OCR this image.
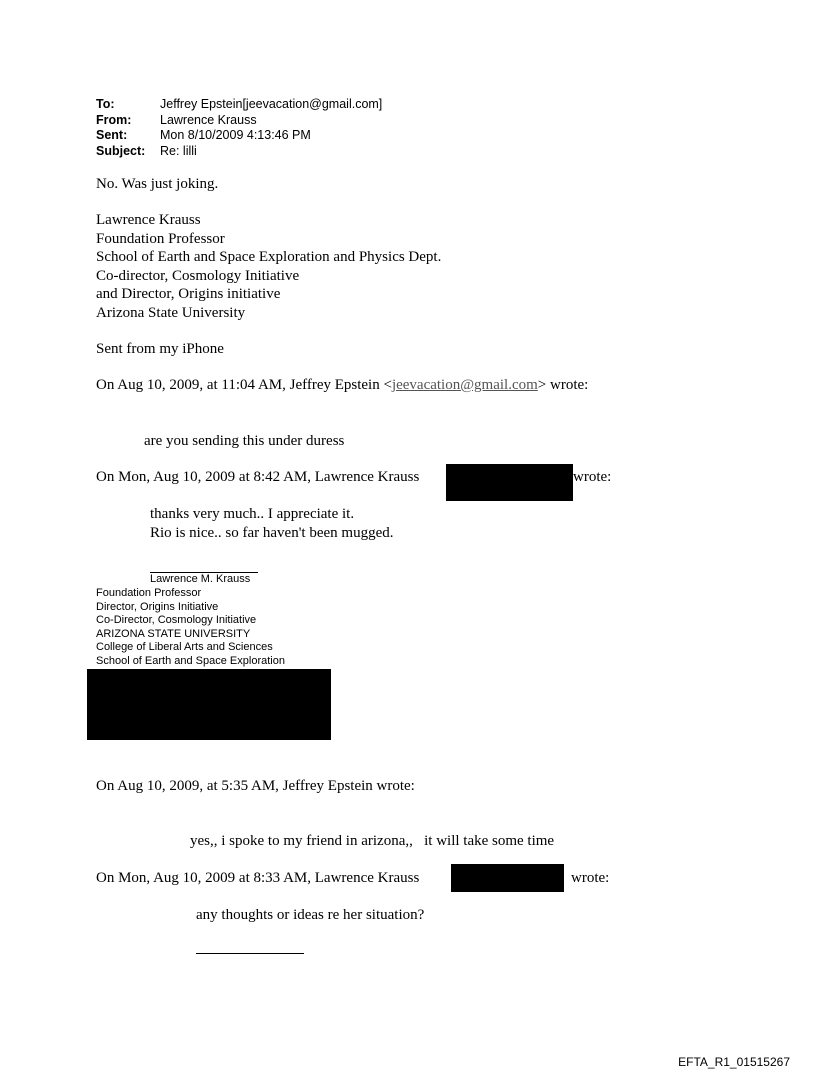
To:	Jeffrey Epstein[jeevacation@gmail.com]
From: Lawrence Krauss
Sent:	Mon 8/10/2009 4:13:46 PM
Subject: Re: lilli
No. Was just joking.
Lawrence Krauss
Foundation Professor
School of Earth and Space Exploration and Physics Dept.
Co-director, Cosmology Initiative
and Director, Origins initiative
Arizona State University
Sent from my iPhone
On Aug 10, 2009, at 11:04 AM, Jeffrey Epstein <jeevacation@gmail.com> wrote:
are you sending this under duress
On Mon, Aug 10, 2009 at 8:42 AM, Lawrence Krauss	wrote:
thanks very much.. I appreciate it.
Rio is nice.. so far haven't been mugged.
Lawrence M. Krauss
Foundation Professor
Director, Origins Initiative
Co-Director, Cosmology Initiative
ARIZONA STATE UNIVERSITY
College of Liberal Arts and Sciences
School of Earth and Space Exploration
On Aug 10, 2009, at 5:35 AM, Jeffrey Epstein wrote:
yes,, i spoke to my friend in arizona,,   it will take some time
On Mon, Aug 10, 2009 at 8:33 AM, Lawrence Krauss	wrote:
any thoughts or ideas re her situation?
EFTA_R1_01515267
